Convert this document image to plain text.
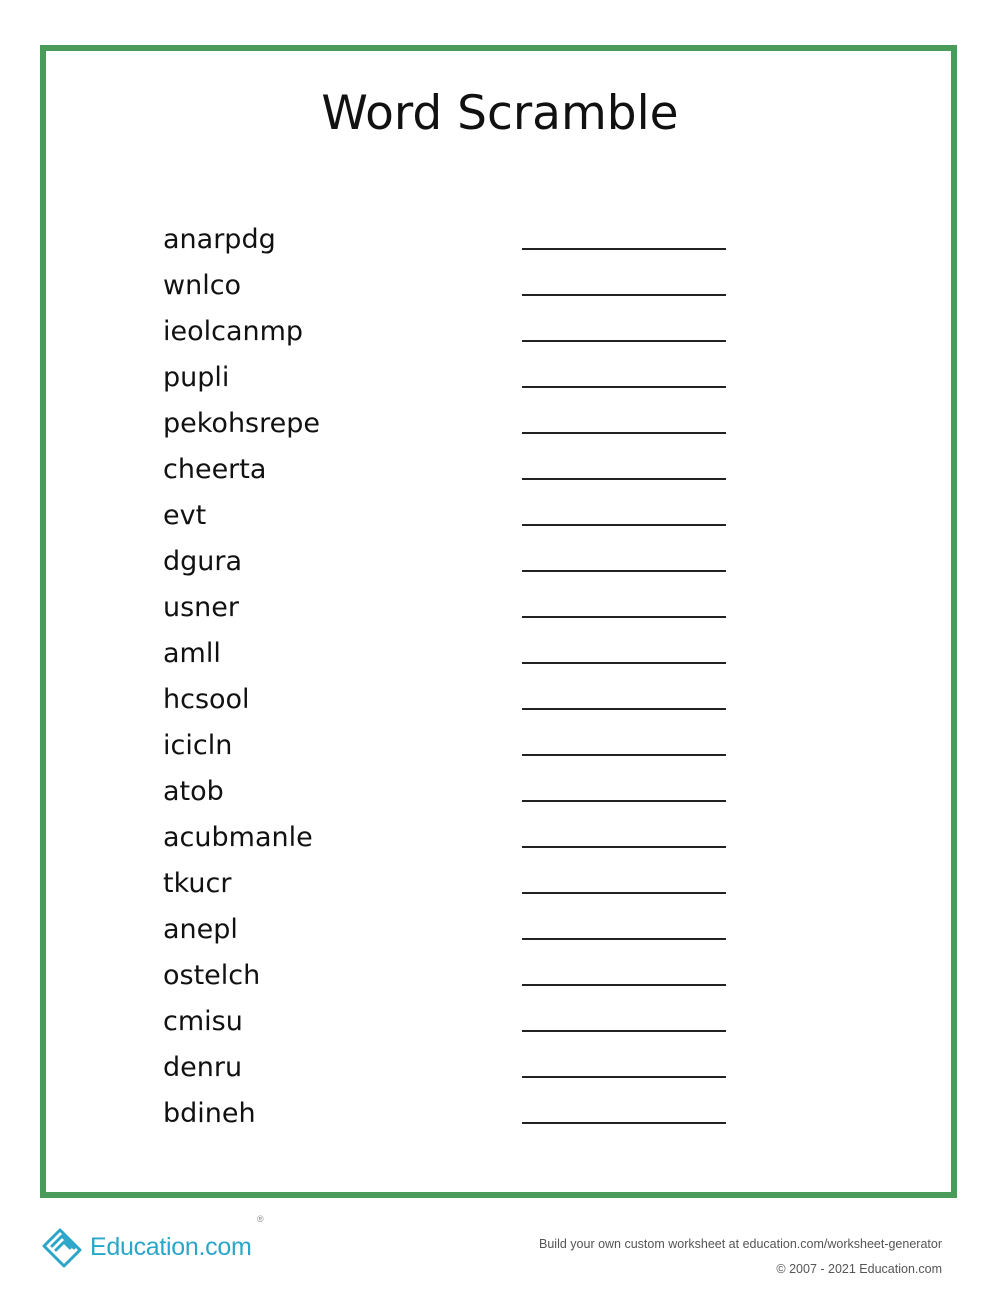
Word Scramble
anarpdg
wnlco
ieolcanmp
pupli
pekohsrepe
cheerta
evt
dgura
usner
amll
hcsool
icicln
atob
acubmanle
tkucr
anepl
ostelch
cmisu
denru
bdineh
Education.com
®
Build your own custom worksheet at education.com/worksheet-generator
© 2007 - 2021 Education.com
